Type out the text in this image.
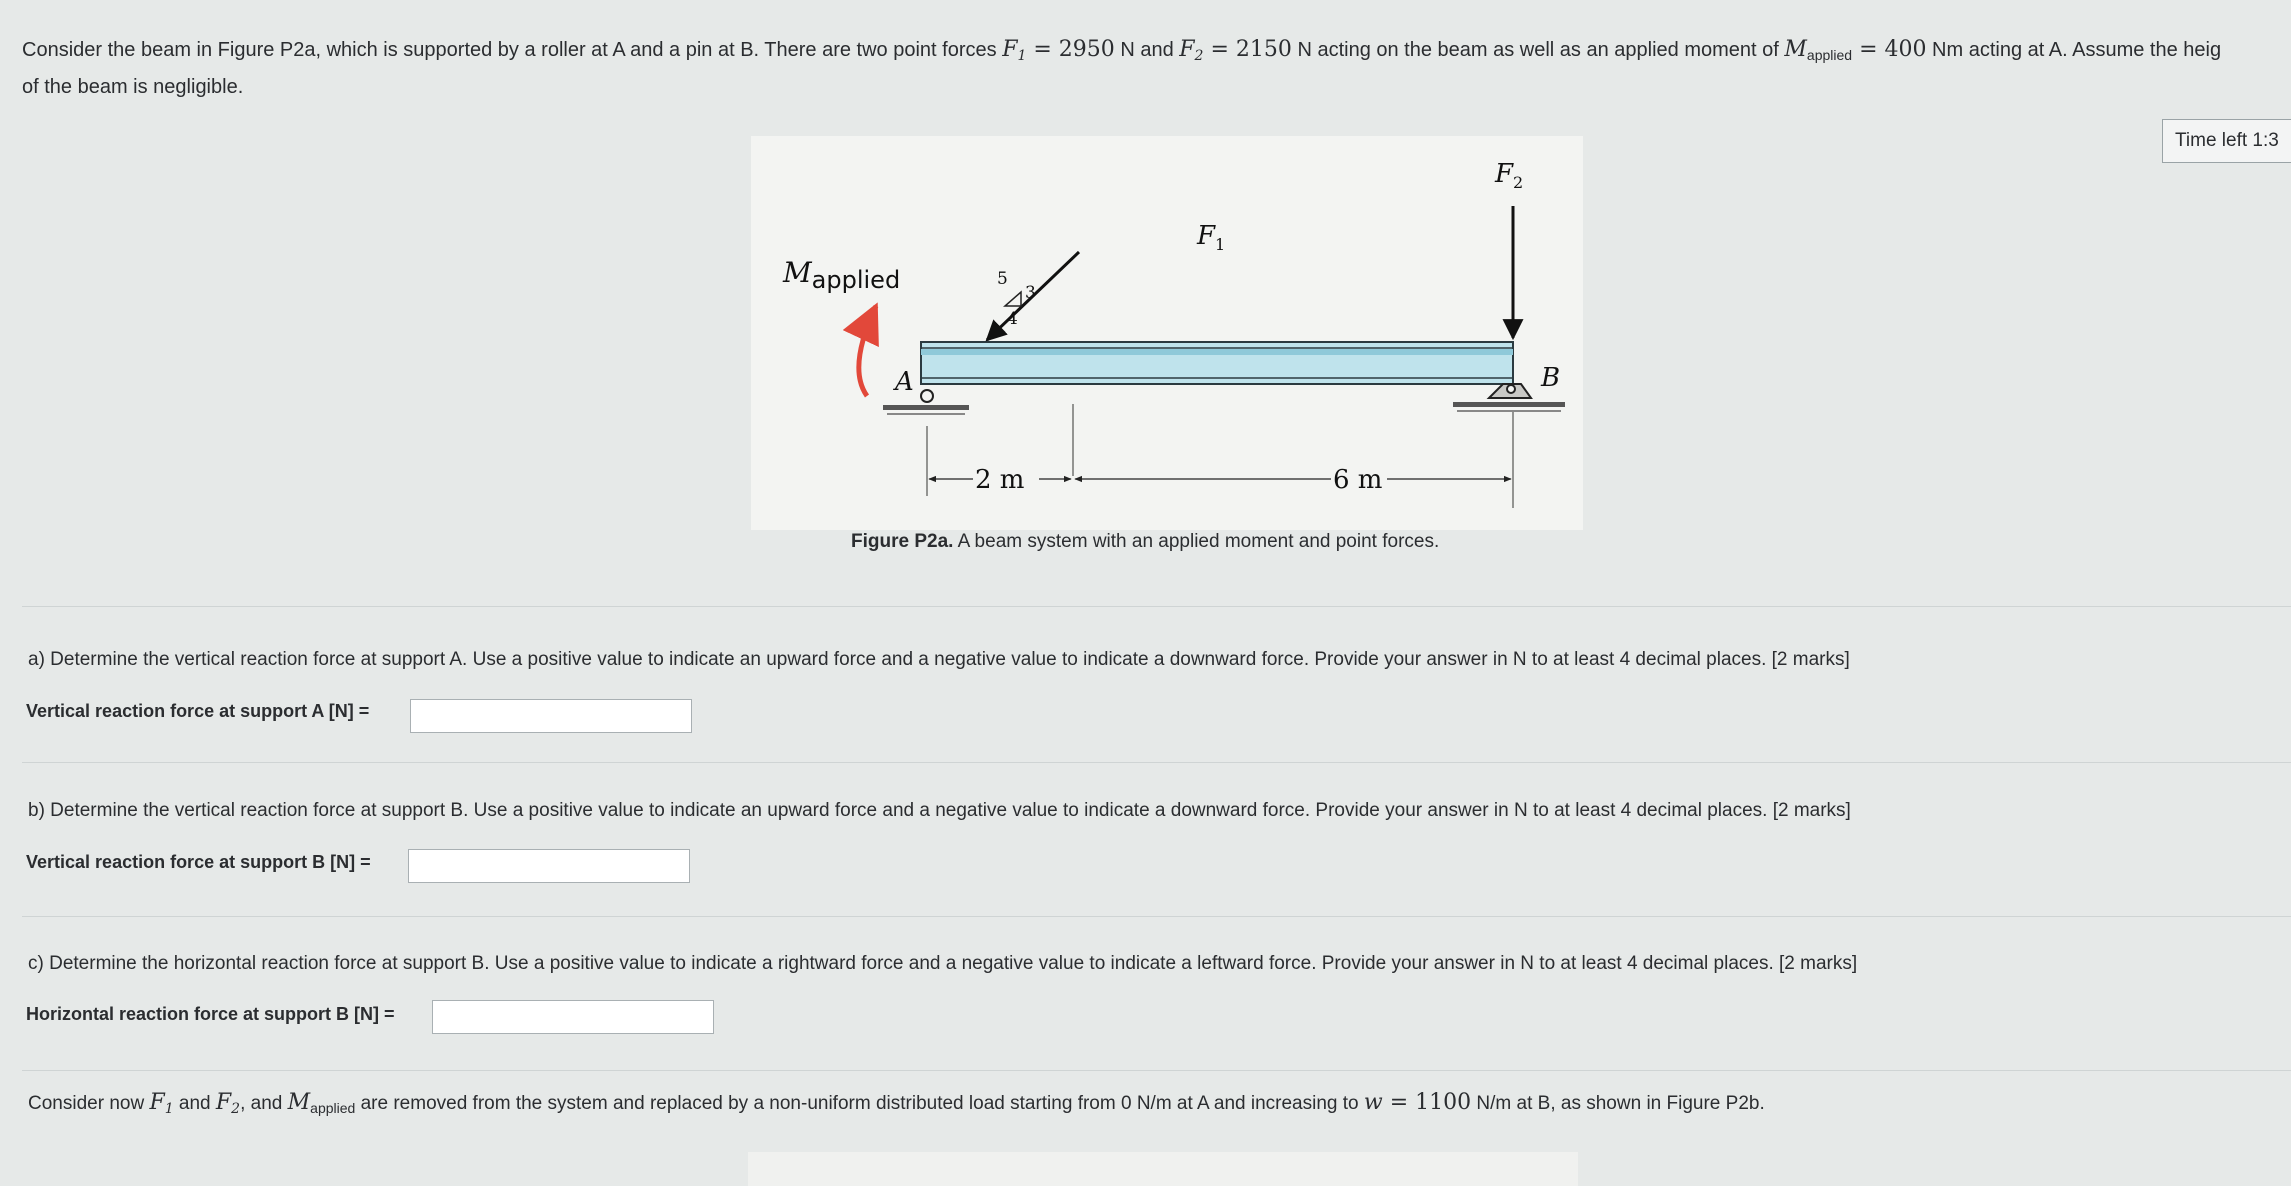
Consider the beam in Figure P2a, which is supported by a roller at A and a pin at B. There are two point forces $F_1 = 2950$ N and $F_2 = 2150$ N acting on the beam as well as an applied moment of $M_{applied} = 400$ Nm acting at A. Assume the heig
of the beam is negligible.
Time left 1:3
Mapplied
$F_1$
$F_2$
5
3
4
A	B
2 m	6 m
Figure P2a. A beam system with an applied moment and point forces.
a) Determine the vertical reaction force at support A. Use a positive value to indicate an upward force and a negative value to indicate a downward force. Provide your answer in N to at least 4 decimal places. [2 marks]
Vertical reaction force at support A [N] =
b) Determine the vertical reaction force at support B. Use a positive value to indicate an upward force and a negative value to indicate a downward force. Provide your answer in N to at least 4 decimal places. [2 marks]
Vertical reaction force at support B [N] =
c) Determine the horizontal reaction force at support B. Use a positive value to indicate a rightward force and a negative value to indicate a leftward force. Provide your answer in N to at least 4 decimal places. [2 marks]
Horizontal reaction force at support B [N] =
Consider now $F_1$ and $F_2$, and $M_{applied}$ are removed from the system and replaced by a non-uniform distributed load starting from 0 N/m at A and increasing to w = 1100 N/m at B, as shown in Figure P2b.
